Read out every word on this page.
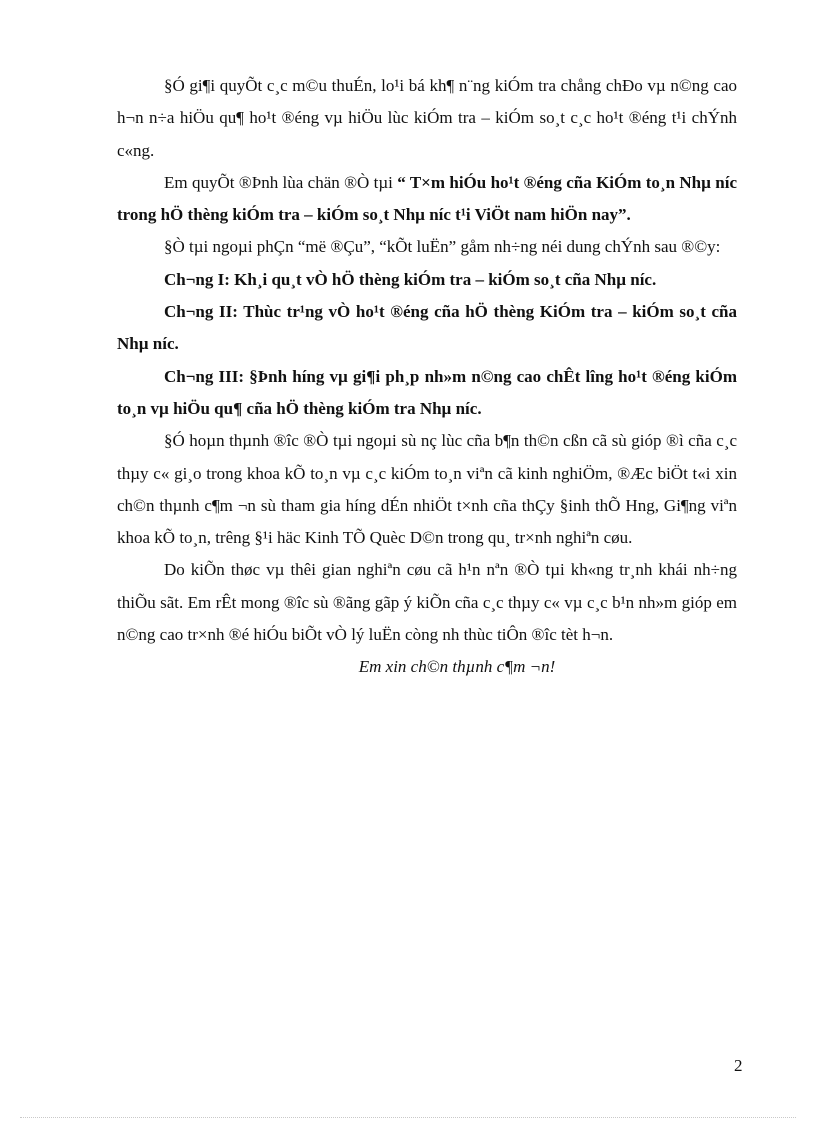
§Ó gi¶i quyÕt c¸c m©u thuÉn, lo¹i bá kh¶ n¨ng kiÓm tra chång chÐo vµ n©ng cao h¬n n÷a hiÖu qu¶ ho¹t ®éng vµ hiÖu lùc kiÓm tra – kiÓm so¸t c¸c ho¹t ®éng t¹i chÝnh c«ng.

Em quyÕt ®Þnh lùa chän ®Ò tµi “ T×m hiÓu ho¹t ®éng cña KiÓm to¸n Nhµ níc trong hÖ thèng kiÓm tra – kiÓm so¸t Nhµ níc t¹i ViÖt nam hiÖn nay”.

§Ò tµi ngoµi phÇn “më ®Çu”, “kÕt luËn” gåm nh÷ng néi dung chÝnh sau ®©y:

Ch¬ng I: Kh¸i qu¸t vÒ hÖ thèng kiÓm tra – kiÓm so¸t cña Nhµ níc.

Ch¬ng II: Thùc tr¹ng vÒ ho¹t ®éng cña hÖ thèng KiÓm tra – kiÓm so¸t cña Nhµ níc.

Ch¬ng III: §Þnh híng vµ gi¶i ph¸p nh»m n©ng cao chÊt lîng ho¹t ®éng kiÓm to¸n vµ hiÖu qu¶ cña hÖ thèng kiÓm tra Nhµ níc.

§Ó hoµn thµnh ®îc ®Ò tµi ngoµi sù nç lùc cña b¶n th©n cßn cã sù gióp ®ì cña c¸c thµy c« gi¸o trong khoa kÕ to¸n vµ c¸c kiÓm to¸n viªn cã kinh nghiÖm, ®Æc biÖt t«i xin ch©n thµnh c¶m ¬n sù tham gia híng dÉn nhiÖt t×nh cña thÇy §inh thÕ Hng, Gi¶ng viªn khoa kÕ to¸n, trêng §¹i häc Kinh TÕ Quèc D©n trong qu¸ tr×nh nghiªn cøu.

Do kiÕn thøc vµ thêi gian nghiªn cøu cã h¹n nªn ®Ò tµi kh«ng tr¸nh khái nh÷ng thiÕu sãt. Em rÊt mong ®îc sù ®ãng gãp ý kiÕn cña c¸c thµy c« vµ c¸c b¹n nh»m gióp em n©ng cao tr×nh ®é hiÓu biÕt vÒ lý luËn còng nh thùc tiÔn ®îc tèt h¬n.

Em xin ch©n thµnh c¶m ¬n!

2
